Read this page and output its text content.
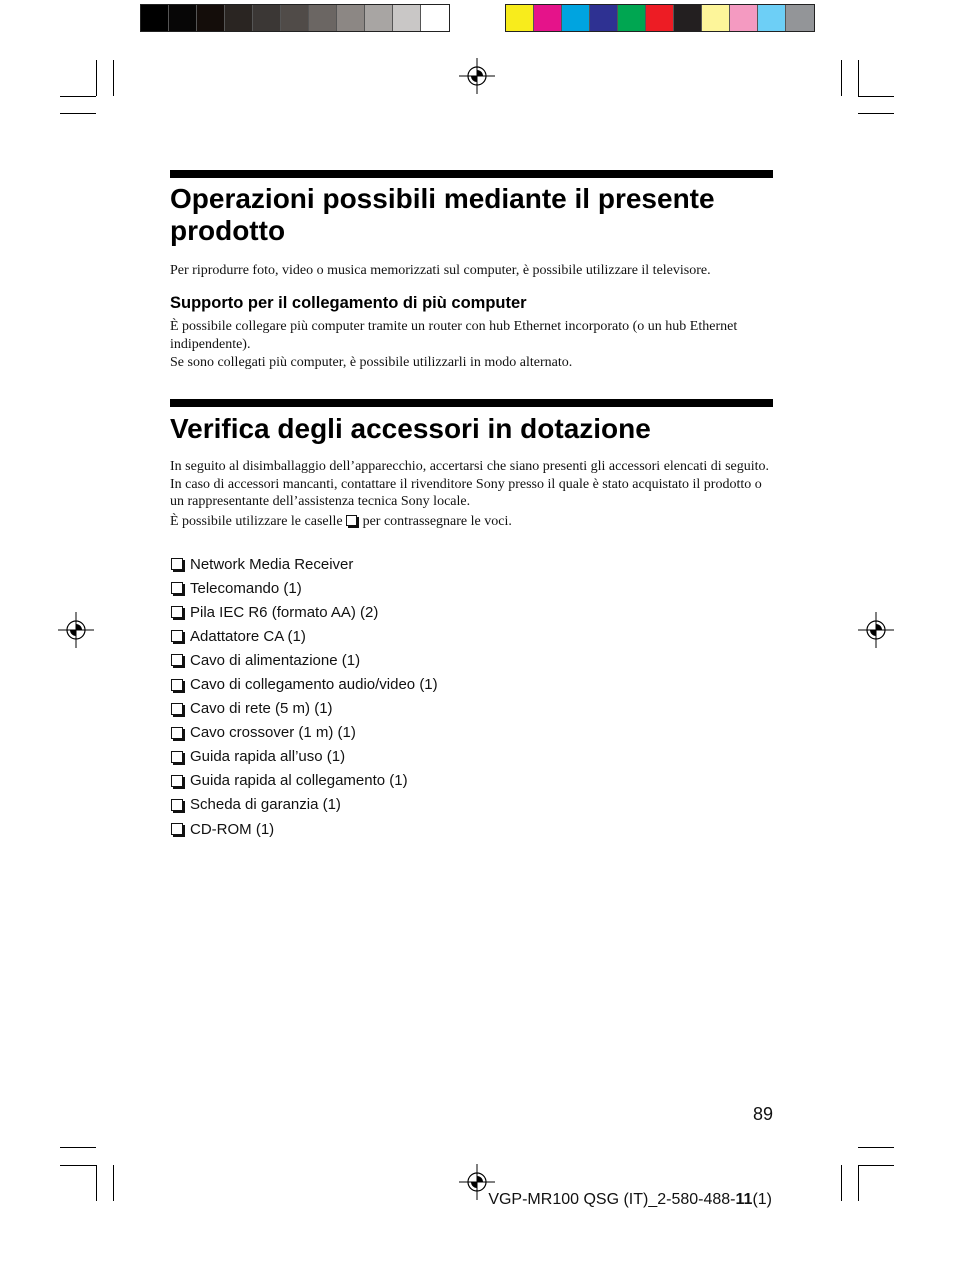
Operazioni possibili mediante il presente prodotto
Per riprodurre foto, video o musica memorizzati sul computer, è possibile utilizzare il televisore.
Supporto per il collegamento di più computer
È possibile collegare più computer tramite un router con hub Ethernet incorporato (o un hub Ethernet indipendente).
Se sono collegati più computer, è possibile utilizzarli in modo alternato.
Verifica degli accessori in dotazione
In seguito al disimballaggio dell’apparecchio, accertarsi che siano presenti gli accessori elencati di seguito. In caso di accessori mancanti, contattare il rivenditore Sony presso il quale è stato acquistato il prodotto o un rappresentante dell’assistenza tecnica Sony locale.
È possibile utilizzare le caselle per contrassegnare le voci.
Network Media Receiver
Telecomando (1)
Pila IEC R6 (formato AA) (2)
Adattatore CA (1)
Cavo di alimentazione (1)
Cavo di collegamento audio/video (1)
Cavo di rete (5 m) (1)
Cavo crossover (1 m) (1)
Guida rapida all’uso (1)
Guida rapida al collegamento (1)
Scheda di garanzia (1)
CD-ROM (1)
89
VGP-MR100 QSG (IT)_2-580-488-11(1)
